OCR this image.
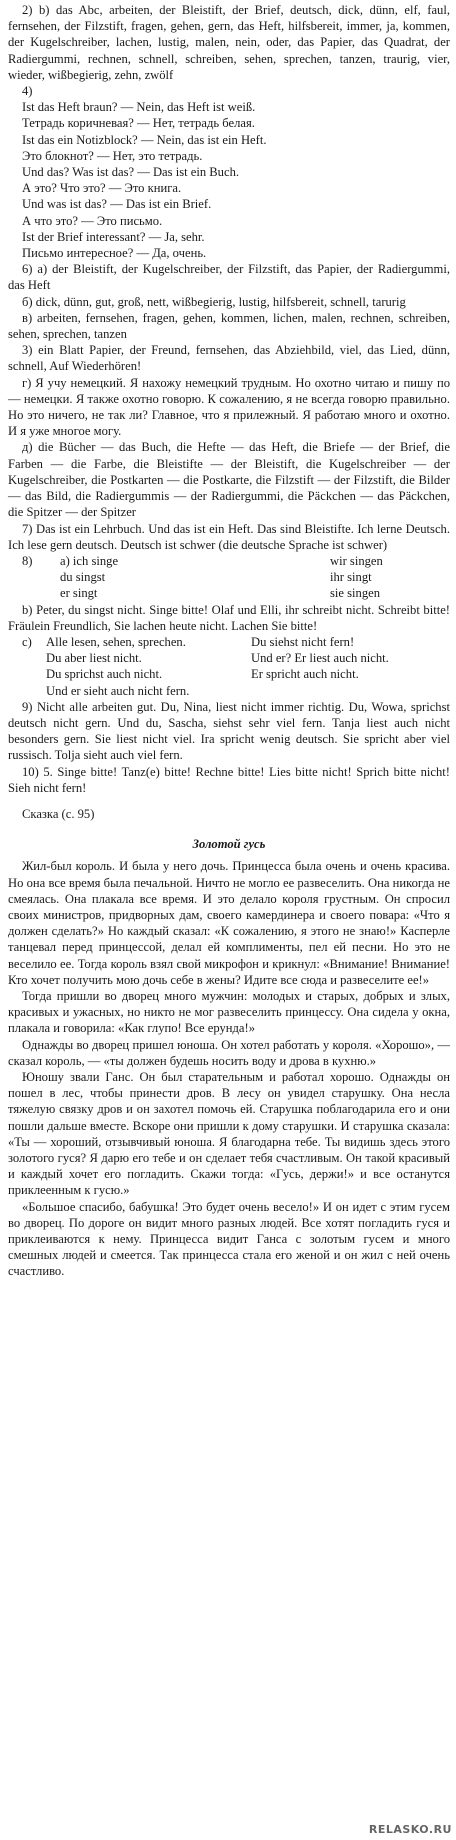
2) b) das Abc, arbeiten, der Bleistift, der Brief, deutsch, dick, dünn, elf, faul, fernsehen, der Filzstift, fragen, gehen, gern, das Heft, hilfsbereit, immer, ja, kommen, der Kugelschreiber, lachen, lustig, malen, nein, oder, das Papier, das Quadrat, der Radiergummi, rechnen, schnell, schreiben, sehen, sprechen, tanzen, traurig, vier, wieder, wißbegierig, zehn, zwölf

4)
Ist das Heft braun? — Nein, das Heft ist weiß.
Тетрадь коричневая? — Нет, тетрадь белая.
Ist das ein Notizblock? — Nein, das ist ein Heft.
Это блокнот? — Нет, это тетрадь.
Und das? Was ist das? — Das ist ein Buch.
А это? Что это? — Это книга.
Und was ist das? — Das ist ein Brief.
А что это? — Это письмо.
Ist der Brief interessant? — Ja, sehr.
Письмо интересное? — Да, очень.

6) а) der Bleistift, der Kugelschreiber, der Filzstift, das Papier, der Radiergummi, das Heft

б) dick, dünn, gut, groß, nett, wißbegierig, lustig, hilfsbereit, schnell, tarurig

в) arbeiten, fernsehen, fragen, gehen, kommen, lichen, malen, rechnen, schreiben, sehen, sprechen, tanzen

3) ein Blatt Papier, der Freund, fernsehen, das Abziehbild, viel, das Lied, dünn, schnell, Auf Wiederhören!

г) Я учу немецкий. Я нахожу немецкий трудным. Но охотно читаю и пишу по — немецки. Я также охотно говорю. К сожалению, я не всегда говорю правильно. Но это ничего, не так ли? Главное, что я прилежный. Я работаю много и охотно. И я уже многое могу.

д) die Bücher — das Buch, die Hefte — das Heft, die Briefe — der Brief, die Farben — die Farbe, die Bleistifte — der Bleistift, die Kugelschreiber — der Kugelschreiber, die Postkarten — die Postkarte, die Filzstift — der Filzstift, die Bilder — das Bild, die Radiergummis — der Radiergummi, die Päckchen — das Päckchen, die Spitzer — der Spitzer

7) Das ist ein Lehrbuch. Und das ist ein Heft. Das sind Bleistifte. Ich lerne Deutsch. Ich lese gern deutsch. Deutsch ist schwer (die deutsche Sprache ist schwer)

8)	a) ich singe	wir singen
du singst	ihr singt
er singt	sie singen

b) Peter, du singst nicht. Singe bitte! Olaf und Elli, ihr schreibt nicht. Schreibt bitte! Fräulein Freundlich, Sie lachen heute nicht. Lachen Sie bitte!

c)	Alle lesen, sehen, sprechen.	Du siehst nicht fern!
Du aber liest nicht.	Und er? Er liest auch nicht.
Du sprichst auch nicht.	Er spricht auch nicht.
Und er sieht auch nicht fern.

9) Nicht alle arbeiten gut. Du, Nina, liest nicht immer richtig. Du, Wowa, sprichst deutsch nicht gern. Und du, Sascha, siehst sehr viel fern. Tanja liest auch nicht besonders gern. Sie liest nicht viel. Ira spricht wenig deutsch. Sie spricht aber viel russisch. Tolja sieht auch viel fern.

10) 5. Singe bitte! Tanz(e) bitte! Rechne bitte! Lies bitte nicht! Sprich bitte nicht! Sieh nicht fern!

Сказка (с. 95)
Золотой гусь

Жил-был король. И была у него дочь. Принцесса была очень и очень красива. Но она все время была печальной. Ничто не могло ее развеселить. Она никогда не смеялась. Она плакала все время. И это делало короля грустным. Он спросил своих министров, придворных дам, своего камердинера и своего повара: «Что я должен сделать?» Но каждый сказал: «К сожалению, я этого не знаю!» Касперле танцевал перед принцессой, делал ей комплименты, пел ей песни. Но это не веселило ее. Тогда король взял свой микрофон и крикнул: «Внимание! Внимание! Кто хочет получить мою дочь себе в жены? Идите все сюда и развеселите ее!»

Тогда пришли во дворец много мужчин: молодых и старых, добрых и злых, красивых и ужасных, но никто не мог развеселить принцессу. Она сидела у окна, плакала и говорила: «Как глупо! Все ерунда!»

Однажды во дворец пришел юноша. Он хотел работать у короля. «Хорошо», — сказал король, — «ты должен будешь носить воду и дрова в кухню.»

Юношу звали Ганс. Он был старательным и работал хорошо. Однажды он пошел в лес, чтобы принести дров. В лесу он увидел старушку. Она несла тяжелую связку дров и он захотел помочь ей. Старушка поблагодарила его и они пошли дальше вместе. Вскоре они пришли к дому старушки. И старушка сказала: «Ты — хороший, отзывчивый юноша. Я благодарна тебе. Ты видишь здесь этого золотого гуся? Я дарю его тебе и он сделает тебя счастливым. Он такой красивый и каждый хочет его погладить. Скажи тогда: «Гусь, держи!» и все останутся приклеенным к гусю.»

«Большое спасибо, бабушка! Это будет очень весело!» И он идет с этим гусем во дворец. По дороге он видит много разных людей. Все хотят погладить гуся и приклеиваются к нему. Принцесса видит Ганса с золотым гусем и много смешных людей и смеется. Так принцесса стала его женой и он жил с ней очень счастливо.

RELASKO.RU
